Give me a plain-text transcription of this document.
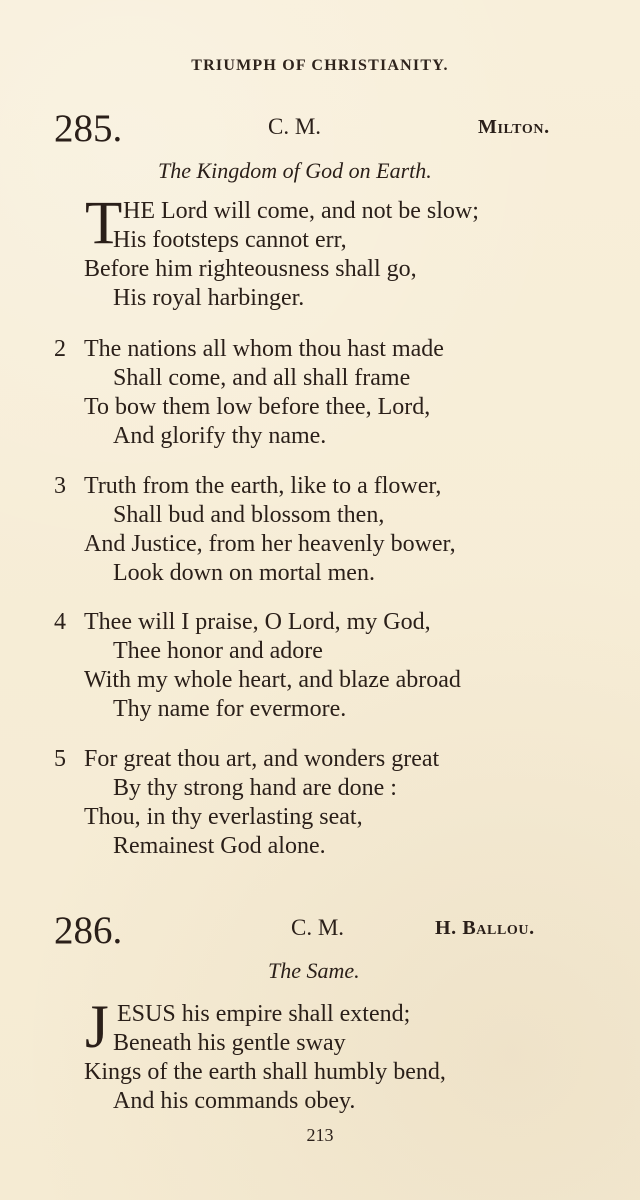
TRIUMPH OF CHRISTIANITY.
285.	C. M.	Milton.
The Kingdom of God on Earth.
T HE Lord will come, and not be slow;
His footsteps cannot err,
Before him righteousness shall go,
His royal harbinger.
2 The nations all whom thou hast made
Shall come, and all shall frame
To bow them low before thee, Lord,
And glorify thy name.
3 Truth from the earth, like to a flower,
Shall bud and blossom then,
And Justice, from her heavenly bower,
Look down on mortal men.
4 Thee will I praise, O Lord, my God,
Thee honor and adore
With my whole heart, and blaze abroad
Thy name for evermore.
5 For great thou art, and wonders great
By thy strong hand are done :
Thou, in thy everlasting seat,
Remainest God alone.
286.	C. M.	H. Ballou.
The Same.
J ESUS his empire shall extend;
Beneath his gentle sway
Kings of the earth shall humbly bend,
And his commands obey.
213
